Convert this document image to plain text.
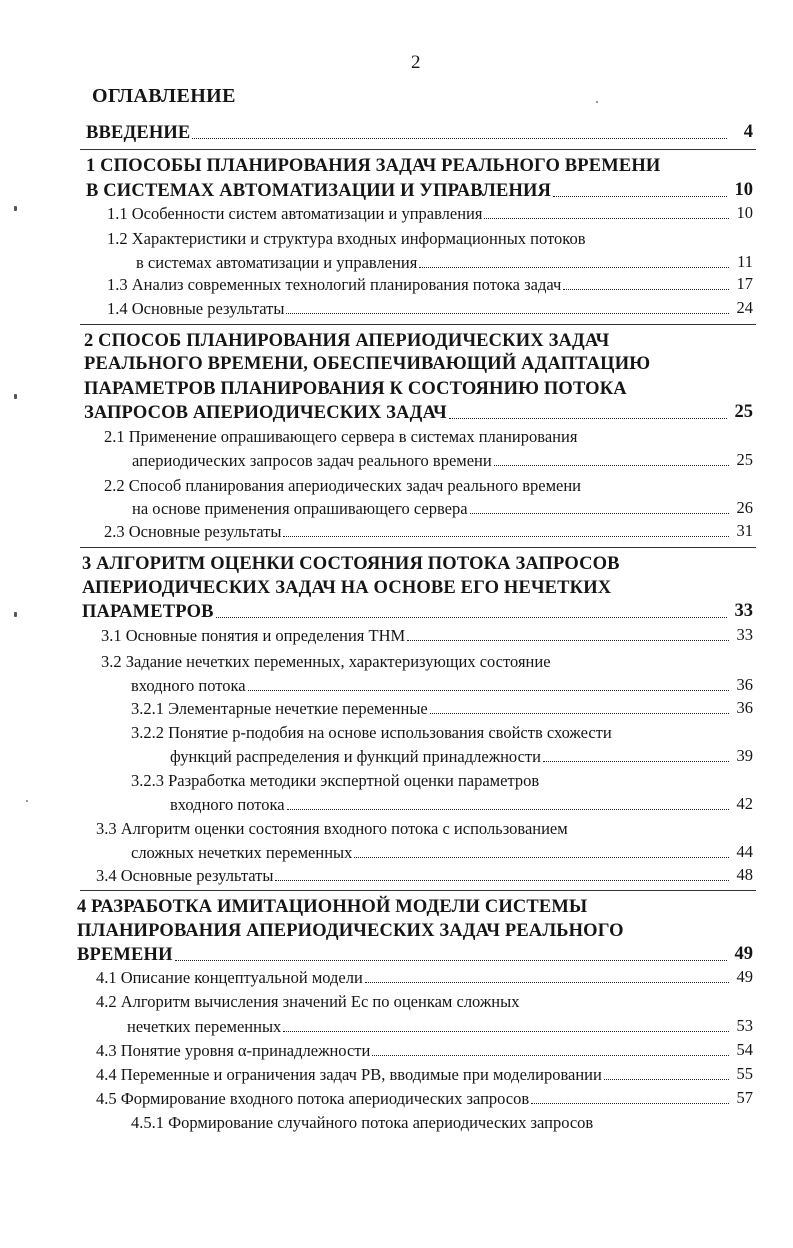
2
ОГЛАВЛЕНИЕ
ВВЕДЕНИЕ	4
1 СПОСОБЫ ПЛАНИРОВАНИЯ ЗАДАЧ РЕАЛЬНОГО ВРЕМЕНИ
В СИСТЕМАХ АВТОМАТИЗАЦИИ И УПРАВЛЕНИЯ	10
1.1 Особенности систем автоматизации и управления	10
1.2 Характеристики и структура входных информационных потоков
в системах автоматизации и управления	11
1.3 Анализ современных технологий планирования потока задач	17
1.4 Основные результаты	24
2 СПОСОБ ПЛАНИРОВАНИЯ АПЕРИОДИЧЕСКИХ ЗАДАЧ
РЕАЛЬНОГО ВРЕМЕНИ, ОБЕСПЕЧИВАЮЩИЙ АДАПТАЦИЮ
ПАРАМЕТРОВ ПЛАНИРОВАНИЯ К СОСТОЯНИЮ ПОТОКА
ЗАПРОСОВ АПЕРИОДИЧЕСКИХ ЗАДАЧ	25
2.1 Применение опрашивающего сервера в системах планирования
апериодических запросов задач реального времени	25
2.2 Способ планирования апериодических задач реального времени
на основе применения опрашивающего сервера	26
2.3 Основные результаты	31
3 АЛГОРИТМ ОЦЕНКИ СОСТОЯНИЯ ПОТОКА ЗАПРОСОВ
АПЕРИОДИЧЕСКИХ ЗАДАЧ НА ОСНОВЕ ЕГО НЕЧЕТКИХ
ПАРАМЕТРОВ	33
3.1 Основные понятия и определения ТНМ	33
3.2 Задание нечетких переменных, характеризующих состояние
входного потока	36
3.2.1 Элементарные нечеткие переменные	36
3.2.2 Понятие р-подобия на основе использования свойств схожести
функций распределения и функций принадлежности	39
3.2.3 Разработка методики экспертной оценки параметров
входного потока	42
3.3 Алгоритм оценки состояния входного потока с использованием
сложных нечетких переменных	44
3.4 Основные результаты	48
4 РАЗРАБОТКА ИМИТАЦИОННОЙ МОДЕЛИ СИСТЕМЫ
ПЛАНИРОВАНИЯ АПЕРИОДИЧЕСКИХ ЗАДАЧ РЕАЛЬНОГО
ВРЕМЕНИ	49
4.1 Описание концептуальной модели	49
4.2 Алгоритм вычисления значений Eс по оценкам сложных
нечетких переменных	53
4.3 Понятие уровня α-принадлежности	54
4.4 Переменные и ограничения задач РВ, вводимые при моделировании	55
4.5 Формирование входного потока апериодических запросов	57
4.5.1 Формирование случайного потока апериодических запросов
